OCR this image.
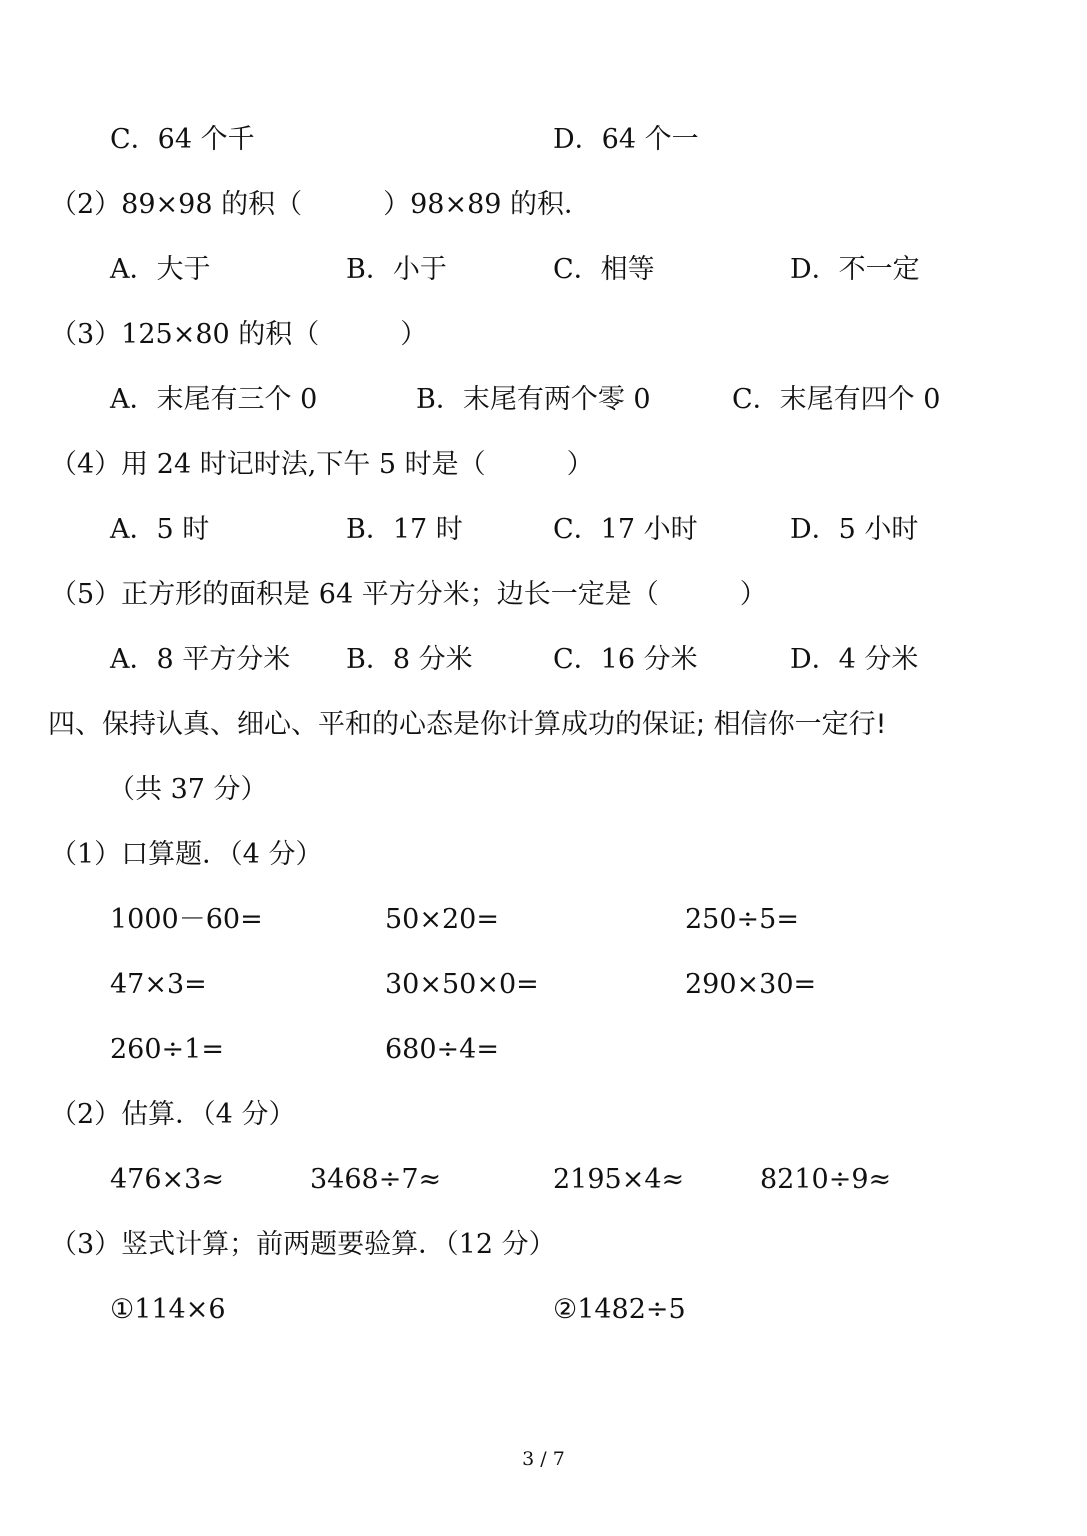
C．64 个千	D．64 个一
（2）89×98 的积（　　　）98×89 的积．
A．大于	B．小于	C．相等	D．不一定
（3）125×80 的积（　　　）
A．末尾有三个 0	B．末尾有两个零 0	C．末尾有四个 0
（4）用 24 时记时法,下午 5 时是（　　　）
A．5 时	B．17 时	C．17 小时	D．5 小时
（5）正方形的面积是 64 平方分米；边长一定是（　　　）
A．8 平方分米 B．8 分米	C．16 分米	D．4 分米
四、保持认真、细心、平和的心态是你计算成功的保证; 相信你一定行!
（共 37 分）
（1）口算题．（4 分）
1000－60=	50×20=	250÷5=
47×3=	30×50×0=	290×30=
260÷1=	680÷4=
（2）估算．（4 分）
476×3≈	3468÷7≈	2195×4≈	8210÷9≈
（3）竖式计算；前两题要验算．（12 分）
①114×6	②1482÷5
3 / 7
